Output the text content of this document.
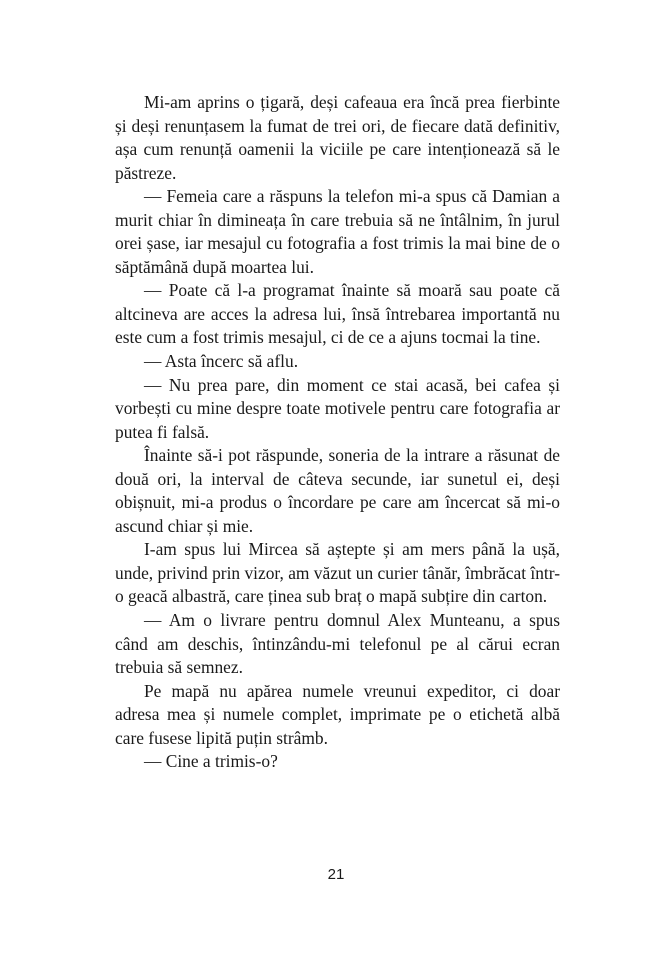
Mi-am aprins o țigară, deși cafeaua era încă prea fierbinte și deși renunțasem la fumat de trei ori, de fiecare dată definitiv, așa cum renunță oamenii la viciile pe care intenționează să le păstreze.

— Femeia care a răspuns la telefon mi-a spus că Damian a murit chiar în dimineața în care trebuia să ne întâlnim, în jurul orei șase, iar mesajul cu fotografia a fost trimis la mai bine de o săptămână după moartea lui.

— Poate că l-a programat înainte să moară sau poate că altcineva are acces la adresa lui, însă întrebarea importantă nu este cum a fost trimis mesajul, ci de ce a ajuns tocmai la tine.

— Asta încerc să aflu.

— Nu prea pare, din moment ce stai acasă, bei cafea și vorbești cu mine despre toate motivele pentru care fotografia ar putea fi falsă.

Înainte să-i pot răspunde, soneria de la intrare a răsunat de două ori, la interval de câteva secunde, iar sunetul ei, deși obișnuit, mi-a produs o încordare pe care am încercat să mi-o ascund chiar și mie.

I-am spus lui Mircea să aștepte și am mers până la ușă, unde, privind prin vizor, am văzut un curier tânăr, îmbrăcat într-o geacă albastră, care ținea sub braț o mapă subțire din carton.

— Am o livrare pentru domnul Alex Munteanu, a spus când am deschis, întinzându-mi telefonul pe al cărui ecran trebuia să semnez.

Pe mapă nu apărea numele vreunui expeditor, ci doar adresa mea și numele complet, imprimate pe o etichetă albă care fusese lipită puțin strâmb.

— Cine a trimis-o?

21
